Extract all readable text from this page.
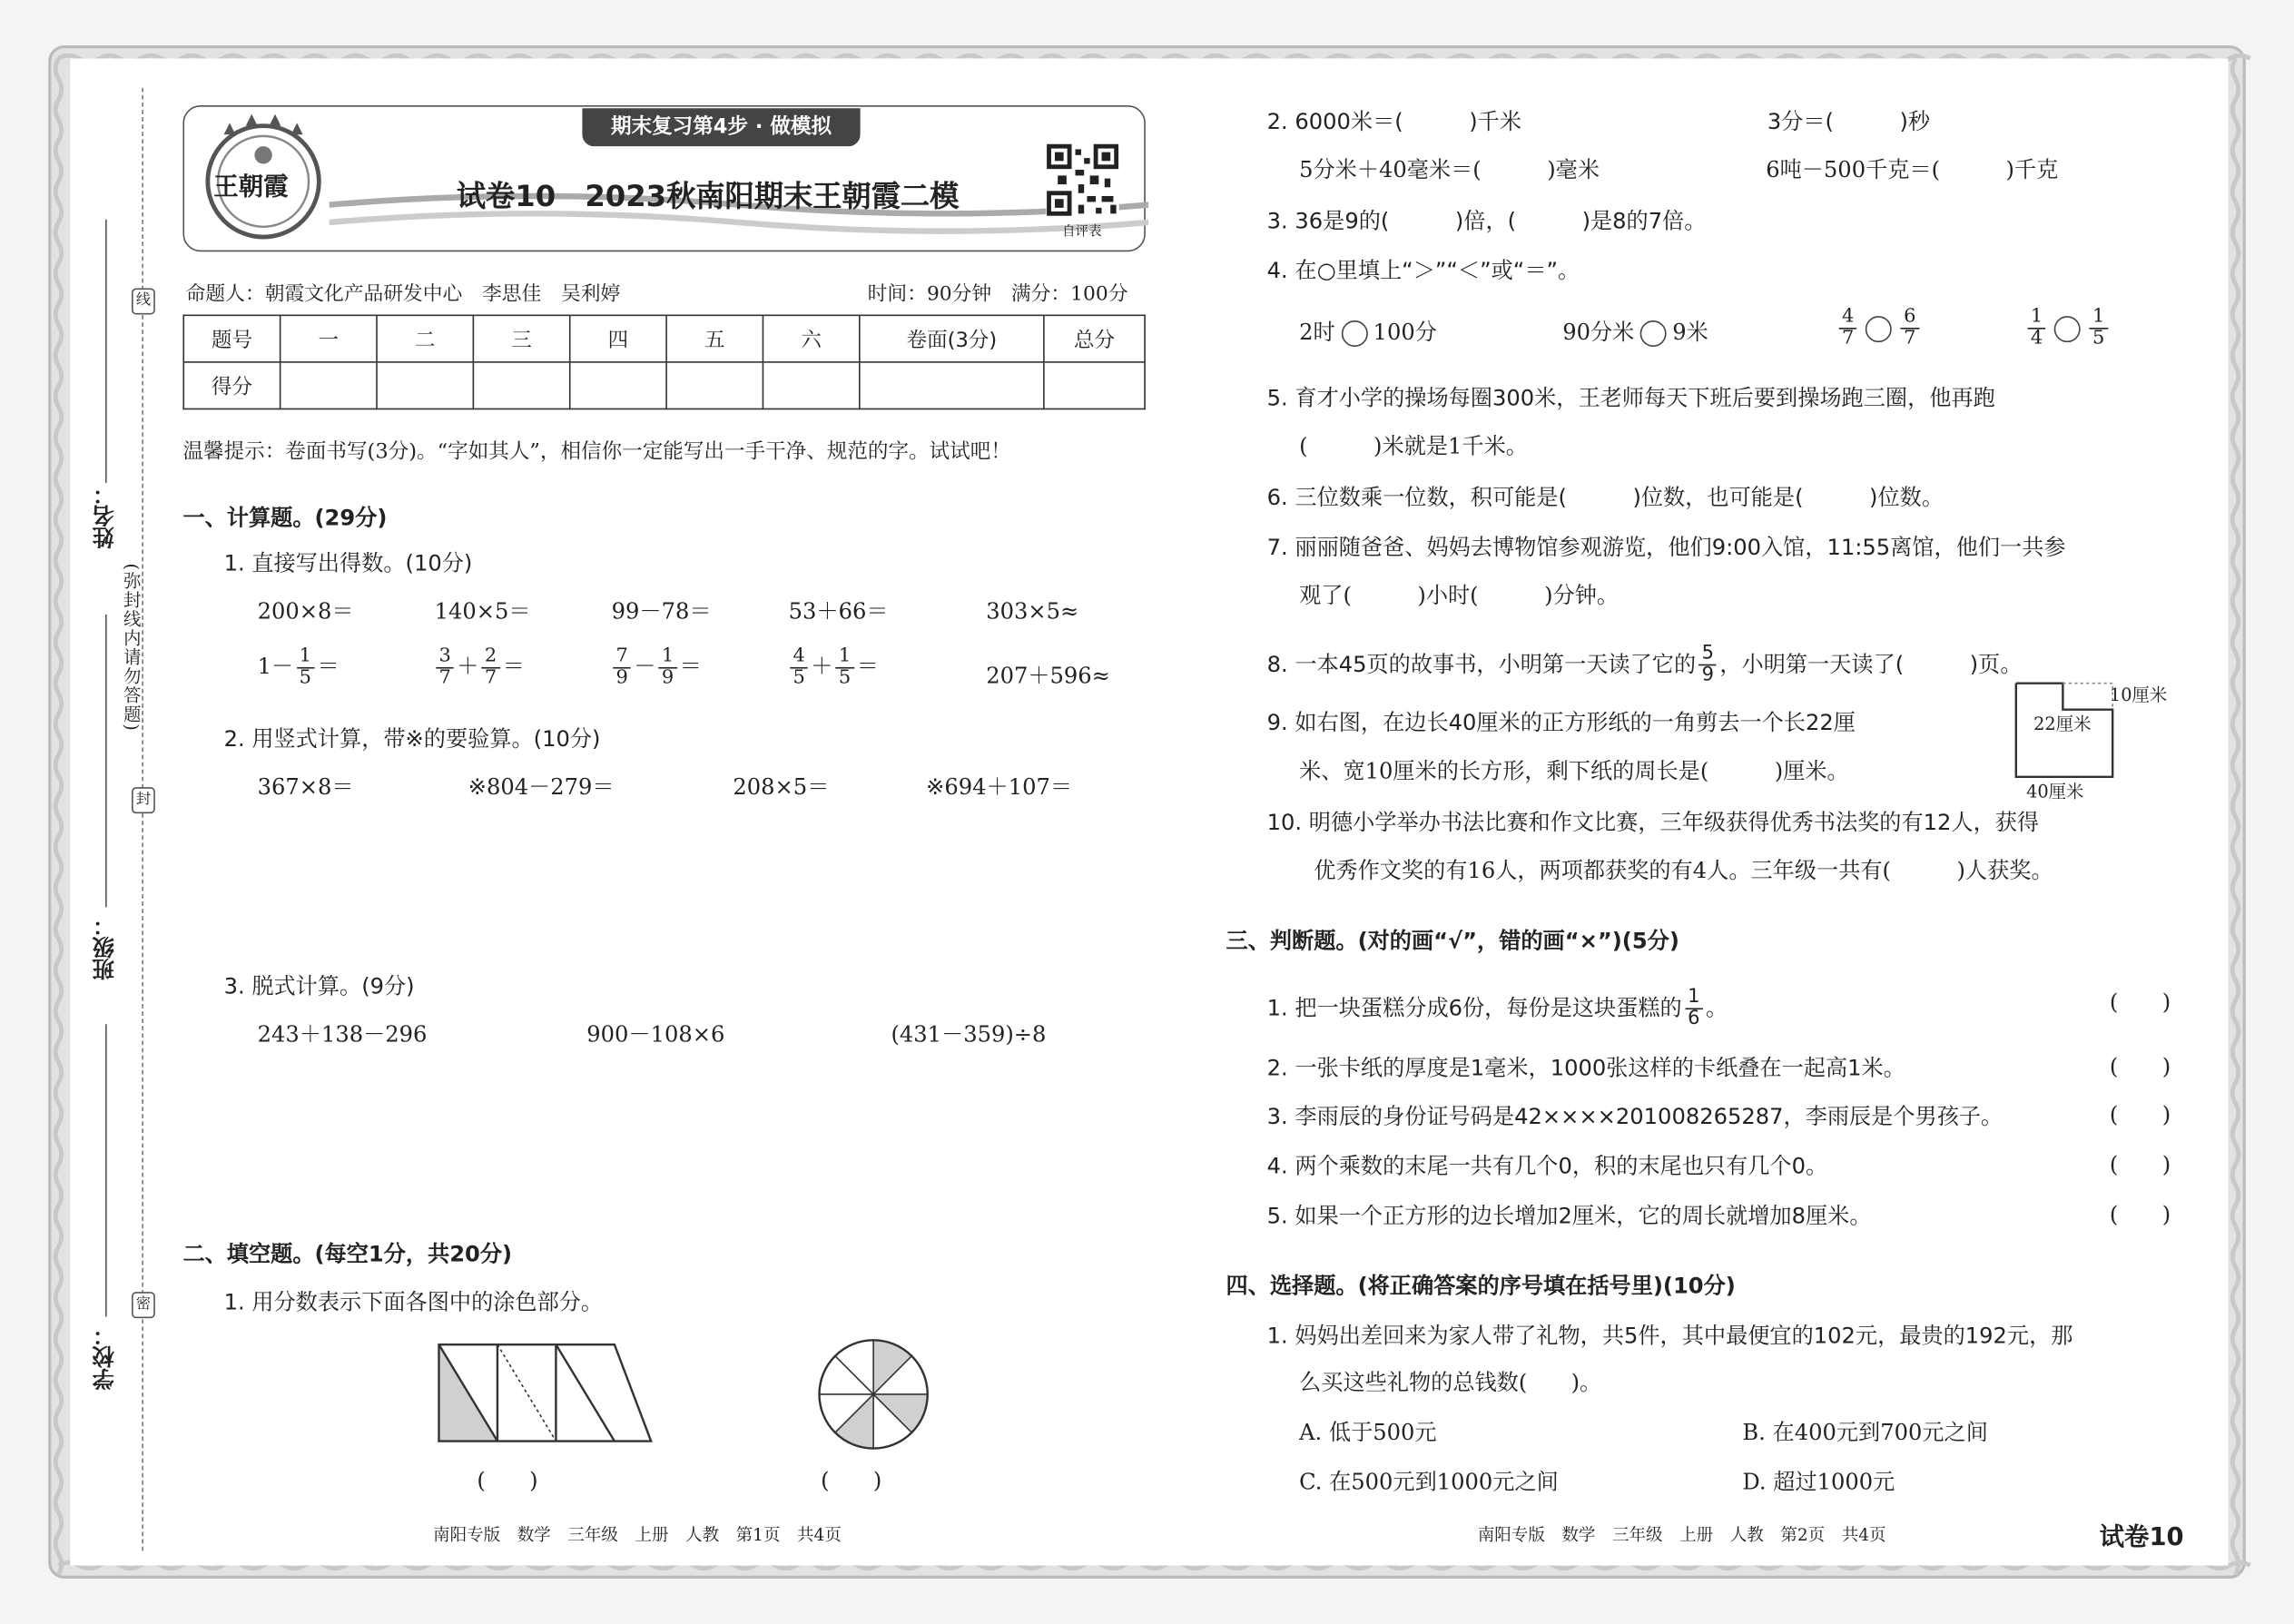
线
封
密
(弥封线内请勿答题)
姓名：
班级：
学校：
王朝霞
期末复习第4步 · 做模拟
试卷10　2023秋南阳期末王朝霞二模
自评表
命题人：朝霞文化产品研发中心　李思佳　吴利婷	时间：90分钟　满分：100分
题号	一	二	三	四	五	六	卷面(3分)	总分
得分								
温馨提示：卷面书写(3分)。“字如其人”，相信你一定能写出一手干净、规范的字。试试吧！
一、计算题。(29分)
1. 直接写出得数。(10分)
200×8＝	140×5＝	99－78＝	53＋66＝	303×5≈
$1- \frac{1}{5}$ ＝	$\frac{3}{7} + \frac{2}{7}$ ＝	$\frac{7}{9} - \frac{1}{9}$ ＝	$\frac{4}{5} + \frac{1}{5}$ ＝	207＋596≈
2. 用竖式计算，带※的要验算。(10分)
367×8＝	※804－279＝	208×5＝	※694＋107＝
3. 脱式计算。(9分)
243＋138－296	900－108×6	(431－359)÷8
二、填空题。(每空1分，共20分)
1. 用分数表示下面各图中的涂色部分。
(　　)	(　　)
2. 6000米＝(　　　)千米	3分＝(　　　)秒
5分米＋40毫米＝(　　　)毫米	6吨－500千克＝(　　　)千克
3. 36是9的(　　　)倍，(　　　)是8的7倍。
4. 在○里填上“＞”“＜”或“＝”。
2时	100分	90分米	9米	$\frac{4}{7}$	$\frac{6}{7}$	$\frac{1}{4}$	$\frac{1}{5}$
5. 育才小学的操场每圈300米，王老师每天下班后要到操场跑三圈，他再跑
(　　　)米就是1千米。
6. 三位数乘一位数，积可能是(　　　)位数，也可能是(　　　)位数。
7. 丽丽随爸爸、妈妈去博物馆参观游览，他们9:00入馆，11:55离馆，他们一共参
观了(　　　)小时(　　　)分钟。
8. 一本45页的故事书，小明第一天读了它的 $\frac{5}{9}$ ，小明第一天读了(　　　)页。
9. 如右图，在边长40厘米的正方形纸的一角剪去一个长22厘
米、宽10厘米的长方形，剩下纸的周长是(　　　)厘米。
10厘米
22厘米
40厘米
10. 明德小学举办书法比赛和作文比赛，三年级获得优秀书法奖的有12人，获得
优秀作文奖的有16人，两项都获奖的有4人。三年级一共有(　　　)人获奖。
三、判断题。(对的画“√”，错的画“×”)(5分)
1. 把一块蛋糕分成6份，每份是这块蛋糕的 $\frac{1}{6}$ 。	(　　)
2. 一张卡纸的厚度是1毫米，1000张这样的卡纸叠在一起高1米。	(　　)
3. 李雨辰的身份证号码是42××××201008265287，李雨辰是个男孩子。	(　　)
4. 两个乘数的末尾一共有几个0，积的末尾也只有几个0。	(　　)
5. 如果一个正方形的边长增加2厘米，它的周长就增加8厘米。	(　　)
四、选择题。(将正确答案的序号填在括号里)(10分)
1. 妈妈出差回来为家人带了礼物，共5件，其中最便宜的102元，最贵的192元，那
么买这些礼物的总钱数(　　)。
A. 低于500元	B. 在400元到700元之间
C. 在500元到1000元之间	D. 超过1000元
南阳专版　数学　三年级　上册　人教　第1页　共4页	南阳专版　数学　三年级　上册　人教　第2页　共4页	试卷10
